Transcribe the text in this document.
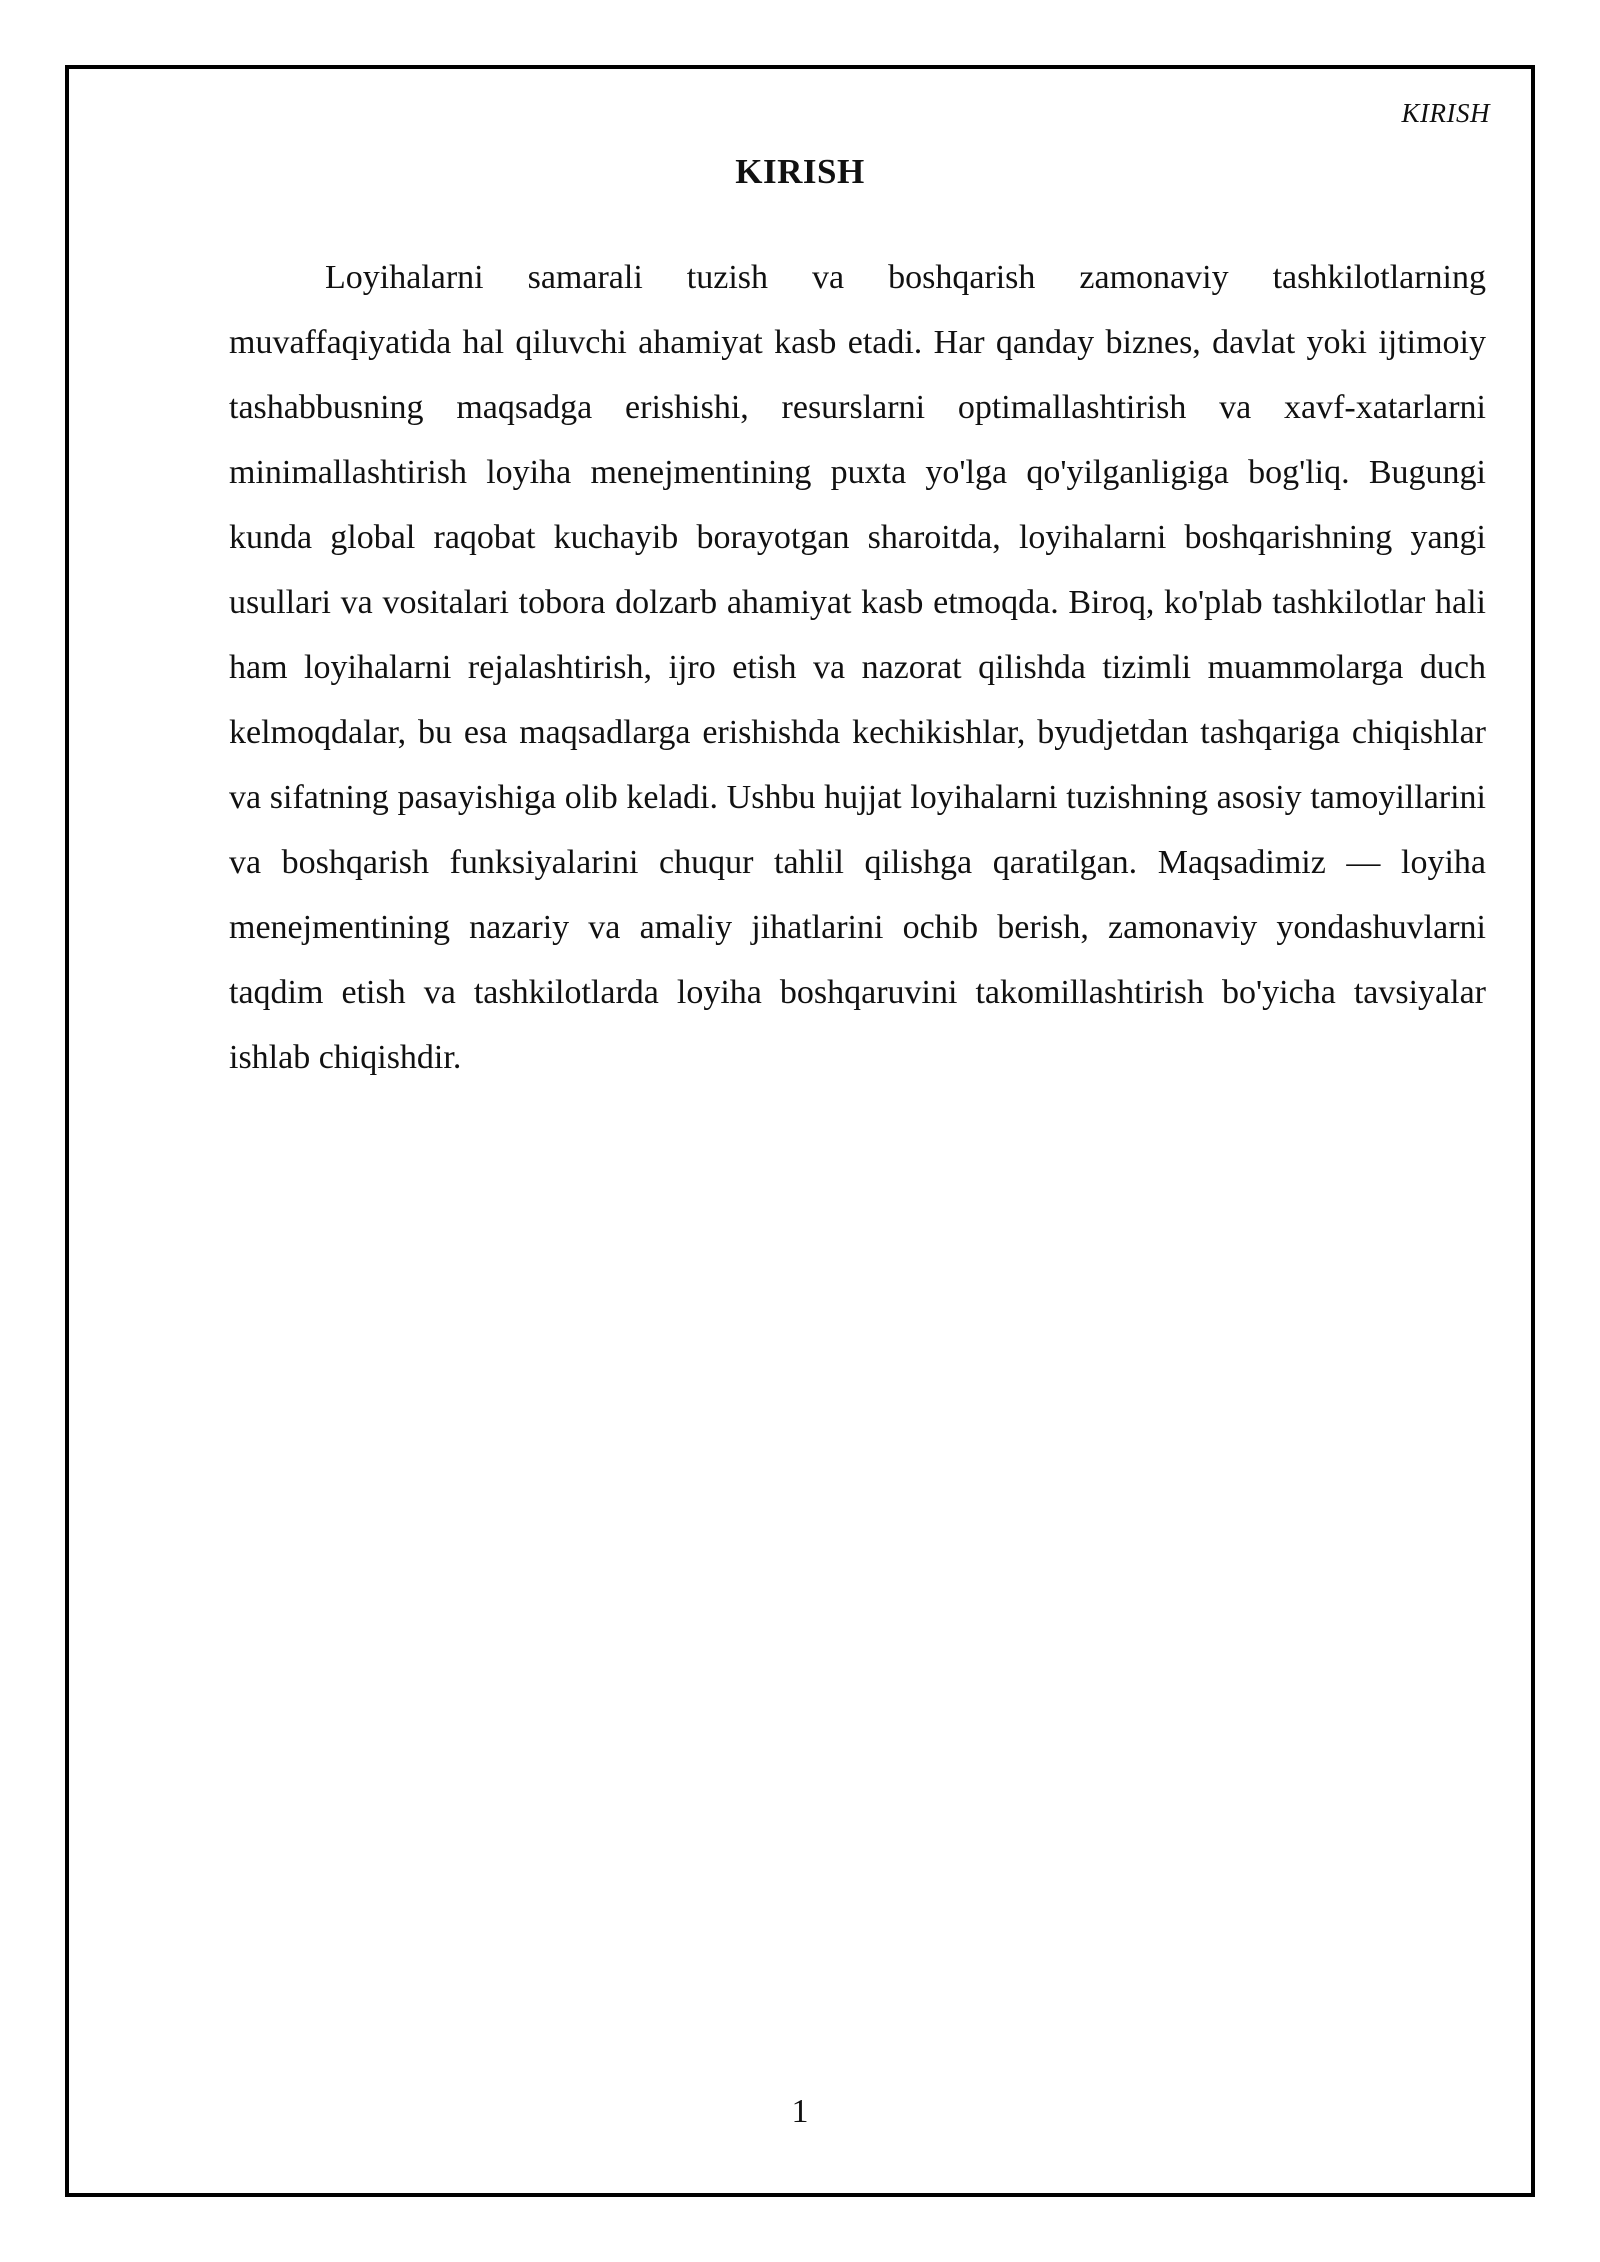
KIRISH
KIRISH

Loyihalarni samarali tuzish va boshqarish zamonaviy tashkilotlarning muvaffaqiyatida hal qiluvchi ahamiyat kasb etadi. Har qanday biznes, davlat yoki ijtimoiy tashabbusning maqsadga erishishi, resurslarni optimallashtirish va xavf-xatarlarni minimallashtirish loyiha menejmentining puxta yo'lga qo'yilganligiga bog'liq. Bugungi kunda global raqobat kuchayib borayotgan sharoitda, loyihalarni boshqarishning yangi usullari va vositalari tobora dolzarb ahamiyat kasb etmoqda. Biroq, ko'plab tashkilotlar hali ham loyihalarni rejalashtirish, ijro etish va nazorat qilishda tizimli muammolarga duch kelmoqdalar, bu esa maqsadlarga erishishda kechikishlar, byudjetdan tashqariga chiqishlar va sifatning pasayishiga olib keladi. Ushbu hujjat loyihalarni tuzishning asosiy tamoyillarini va boshqarish funksiyalarini chuqur tahlil qilishga qaratilgan. Maqsadimiz — loyiha menejmentining nazariy va amaliy jihatlarini ochib berish, zamonaviy yondashuvlarni taqdim etish va tashkilotlarda loyiha boshqaruvini takomillashtirish bo'yicha tavsiyalar ishlab chiqishdir.

1
